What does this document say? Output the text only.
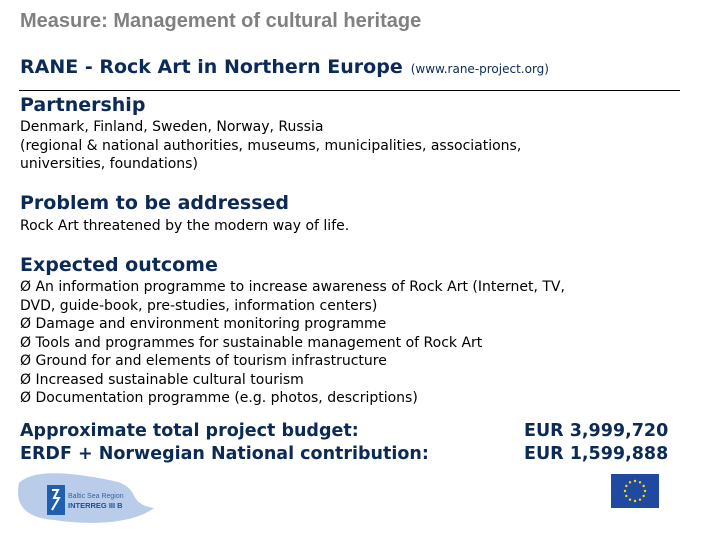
Measure: Management of cultural heritage
RANE - Rock Art in Northern Europe (www.rane-project.org)
Partnership
Denmark, Finland, Sweden, Norway, Russia
(regional & national authorities, museums, municipalities, associations,
universities, foundations)
Problem to be addressed
Rock Art threatened by the modern way of life.
Expected outcome
Ø An information programme to increase awareness of Rock Art (Internet, TV,
DVD, guide-book, pre-studies, information centers)
Ø Damage and environment monitoring programme
Ø Tools and programmes for sustainable management of Rock Art
Ø Ground for and elements of tourism infrastructure
Ø Increased sustainable cultural tourism
Ø Documentation programme (e.g. photos, descriptions)
Approximate total project budget:
ERDF + Norwegian National contribution:
EUR 3,999,720
EUR 1,599,888
Baltic Sea Region
INTERREG III B
